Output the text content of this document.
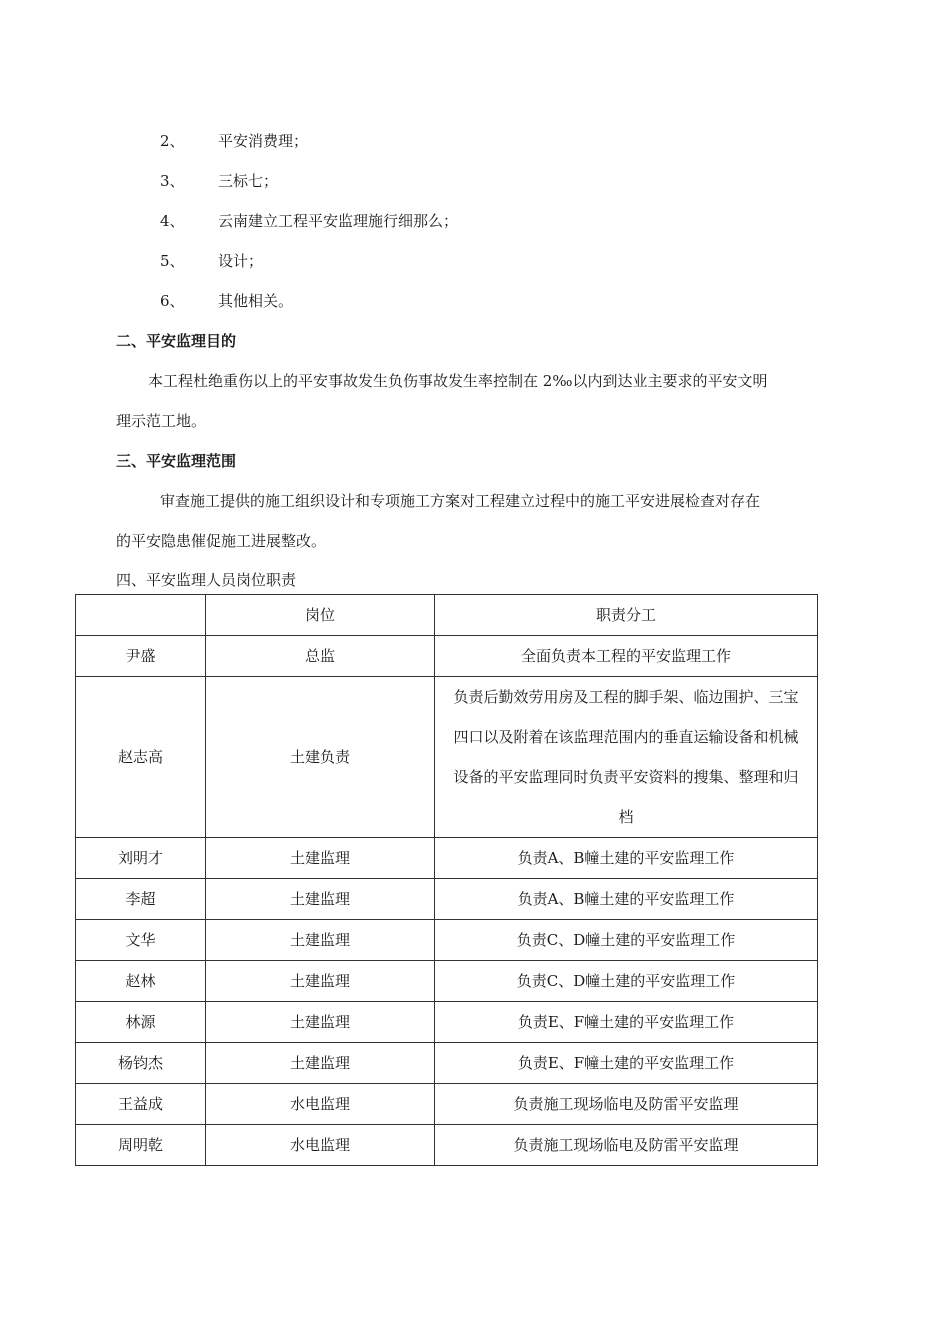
2、 平安消费理；
3、 三标七；
4、 云南建立工程平安监理施行细那么；
5、 设计；
6、 其他相关。
二、平安监理目的
本工程杜绝重伤以上的平安事故发生负伤事故发生率控制在 2‰以内到达业主要求的平安文明
理示范工地。
三、平安监理范围
审查施工提供的施工组织设计和专项施工方案对工程建立过程中的施工平安进展检查对存在
的平安隐患催促施工进展整改。
四、平安监理人员岗位职责
	岗位	职责分工
尹盛	总监	全面负责本工程的平安监理工作
赵志高	土建负责	负责后勤效劳用房及工程的脚手架、临边围护、三宝四口以及附着在该监理范围内的垂直运输设备和机械设备的平安监理同时负责平安资料的搜集、整理和归档
刘明才	土建监理	负责A、B幢土建的平安监理工作
李超	土建监理	负责A、B幢土建的平安监理工作
文华	土建监理	负责C、D幢土建的平安监理工作
赵林	土建监理	负责C、D幢土建的平安监理工作
林源	土建监理	负责E、F幢土建的平安监理工作
杨钧杰	土建监理	负责E、F幢土建的平安监理工作
王益成	水电监理	负责施工现场临电及防雷平安监理
周明乾	水电监理	负责施工现场临电及防雷平安监理
